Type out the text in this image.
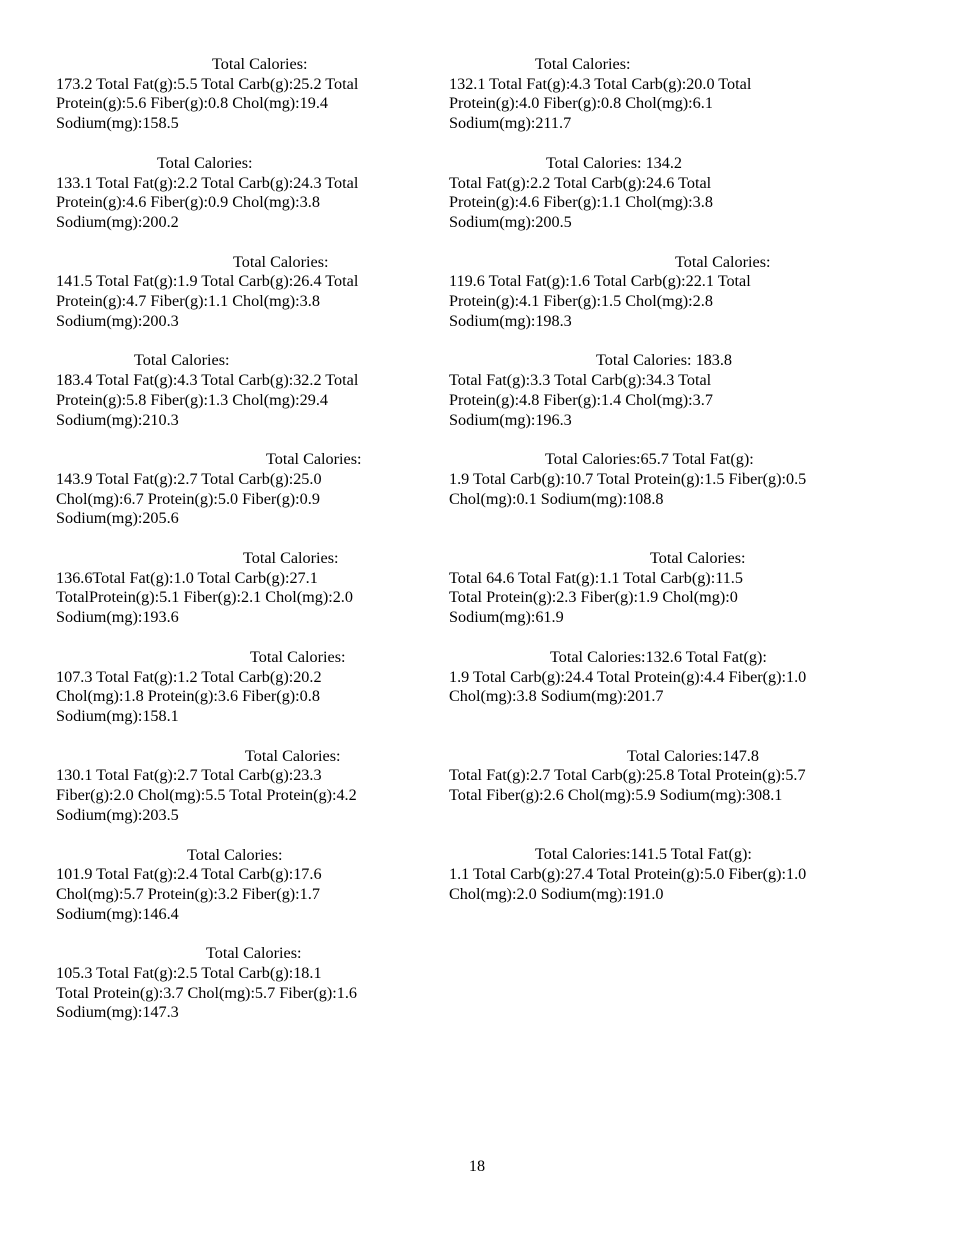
Total Calories:
173.2 Total Fat(g):5.5 Total Carb(g):25.2 Total
Protein(g):5.6 Fiber(g):0.8 Chol(mg):19.4
Sodium(mg):158.5
Total Calories:
133.1 Total Fat(g):2.2 Total Carb(g):24.3 Total
Protein(g):4.6 Fiber(g):0.9 Chol(mg):3.8
Sodium(mg):200.2
Total Calories:
141.5 Total Fat(g):1.9 Total Carb(g):26.4 Total
Protein(g):4.7 Fiber(g):1.1 Chol(mg):3.8
Sodium(mg):200.3
Total Calories:
183.4 Total Fat(g):4.3 Total Carb(g):32.2 Total
Protein(g):5.8 Fiber(g):1.3 Chol(mg):29.4
Sodium(mg):210.3
Total Calories:
143.9 Total Fat(g):2.7 Total Carb(g):25.0
Chol(mg):6.7 Protein(g):5.0 Fiber(g):0.9
Sodium(mg):205.6
Total Calories:
136.6Total Fat(g):1.0 Total Carb(g):27.1
TotalProtein(g):5.1 Fiber(g):2.1 Chol(mg):2.0
Sodium(mg):193.6
Total Calories:
107.3 Total Fat(g):1.2 Total Carb(g):20.2
Chol(mg):1.8 Protein(g):3.6 Fiber(g):0.8
Sodium(mg):158.1
Total Calories:
130.1 Total Fat(g):2.7 Total Carb(g):23.3
Fiber(g):2.0 Chol(mg):5.5 Total Protein(g):4.2
Sodium(mg):203.5
Total Calories:
101.9 Total Fat(g):2.4 Total Carb(g):17.6
Chol(mg):5.7 Protein(g):3.2 Fiber(g):1.7
Sodium(mg):146.4
Total Calories:
105.3 Total Fat(g):2.5 Total Carb(g):18.1
Total Protein(g):3.7 Chol(mg):5.7 Fiber(g):1.6
Sodium(mg):147.3
Total Calories:
132.1 Total Fat(g):4.3 Total Carb(g):20.0 Total
Protein(g):4.0 Fiber(g):0.8 Chol(mg):6.1
Sodium(mg):211.7
Total Calories: 134.2
Total Fat(g):2.2 Total Carb(g):24.6 Total
Protein(g):4.6 Fiber(g):1.1 Chol(mg):3.8
Sodium(mg):200.5
Total Calories:
119.6 Total Fat(g):1.6 Total Carb(g):22.1 Total
Protein(g):4.1 Fiber(g):1.5 Chol(mg):2.8
Sodium(mg):198.3
Total Calories: 183.8
Total Fat(g):3.3 Total Carb(g):34.3 Total
Protein(g):4.8 Fiber(g):1.4 Chol(mg):3.7
Sodium(mg):196.3
Total Calories:65.7 Total Fat(g):
1.9 Total Carb(g):10.7 Total Protein(g):1.5 Fiber(g):0.5
Chol(mg):0.1 Sodium(mg):108.8
Total Calories:
Total 64.6 Total Fat(g):1.1 Total Carb(g):11.5
Total Protein(g):2.3 Fiber(g):1.9 Chol(mg):0
Sodium(mg):61.9
Total Calories:132.6 Total Fat(g):
1.9 Total Carb(g):24.4 Total Protein(g):4.4 Fiber(g):1.0
Chol(mg):3.8 Sodium(mg):201.7
Total Calories:147.8
Total Fat(g):2.7 Total Carb(g):25.8 Total Protein(g):5.7
Total Fiber(g):2.6 Chol(mg):5.9 Sodium(mg):308.1
Total Calories:141.5 Total Fat(g):
1.1 Total Carb(g):27.4 Total Protein(g):5.0 Fiber(g):1.0
Chol(mg):2.0 Sodium(mg):191.0
18
